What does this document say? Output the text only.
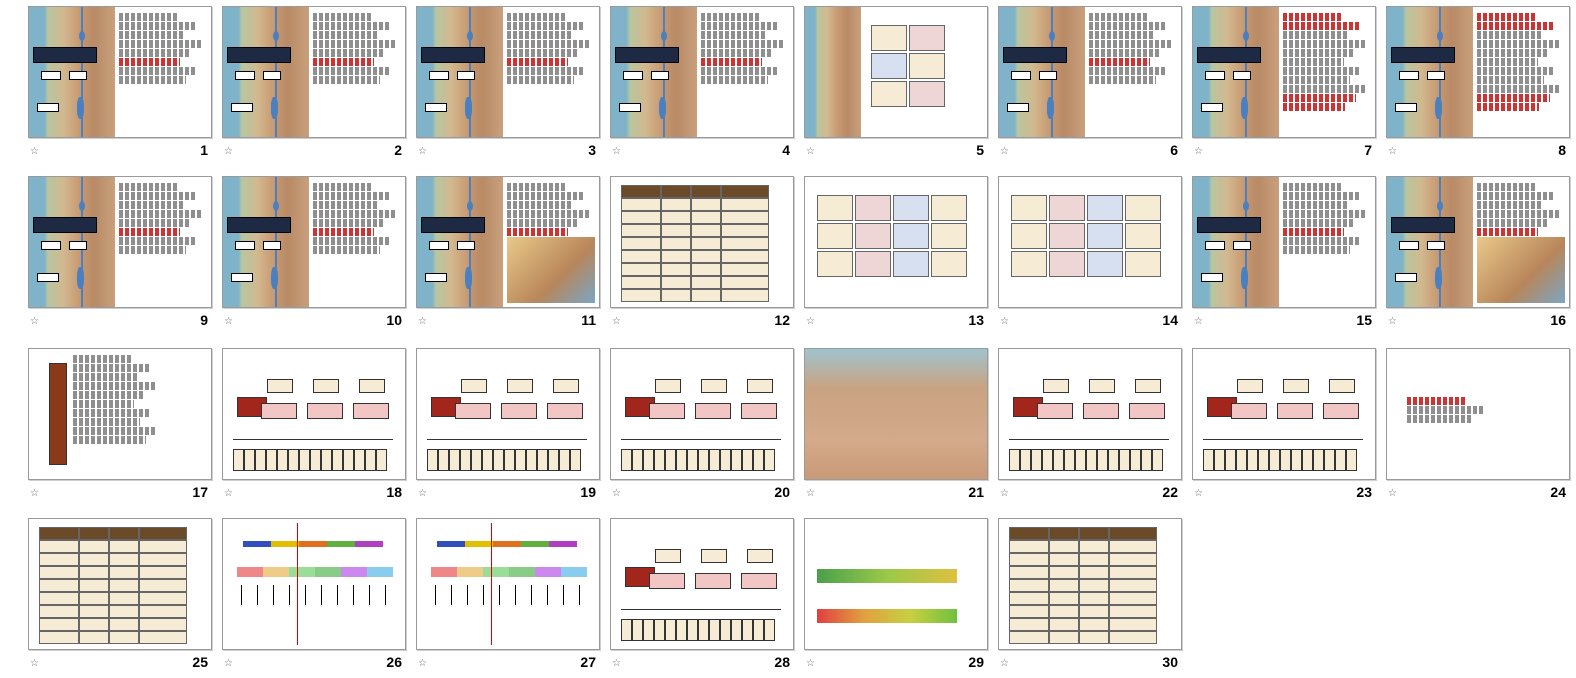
☆	1 ☆	2 ☆	3 ☆	4 ☆	5 ☆	6 ☆	7 ☆	8
☆	9 ☆	10 ☆	11 ☆	12 ☆	13 ☆	14 ☆	15 ☆	16
☆	17 ☆	18 ☆	19 ☆	20 ☆	21 ☆	22 ☆	23 ☆	24
☆	25 ☆	26 ☆	27 ☆	28 ☆	29 ☆	30
